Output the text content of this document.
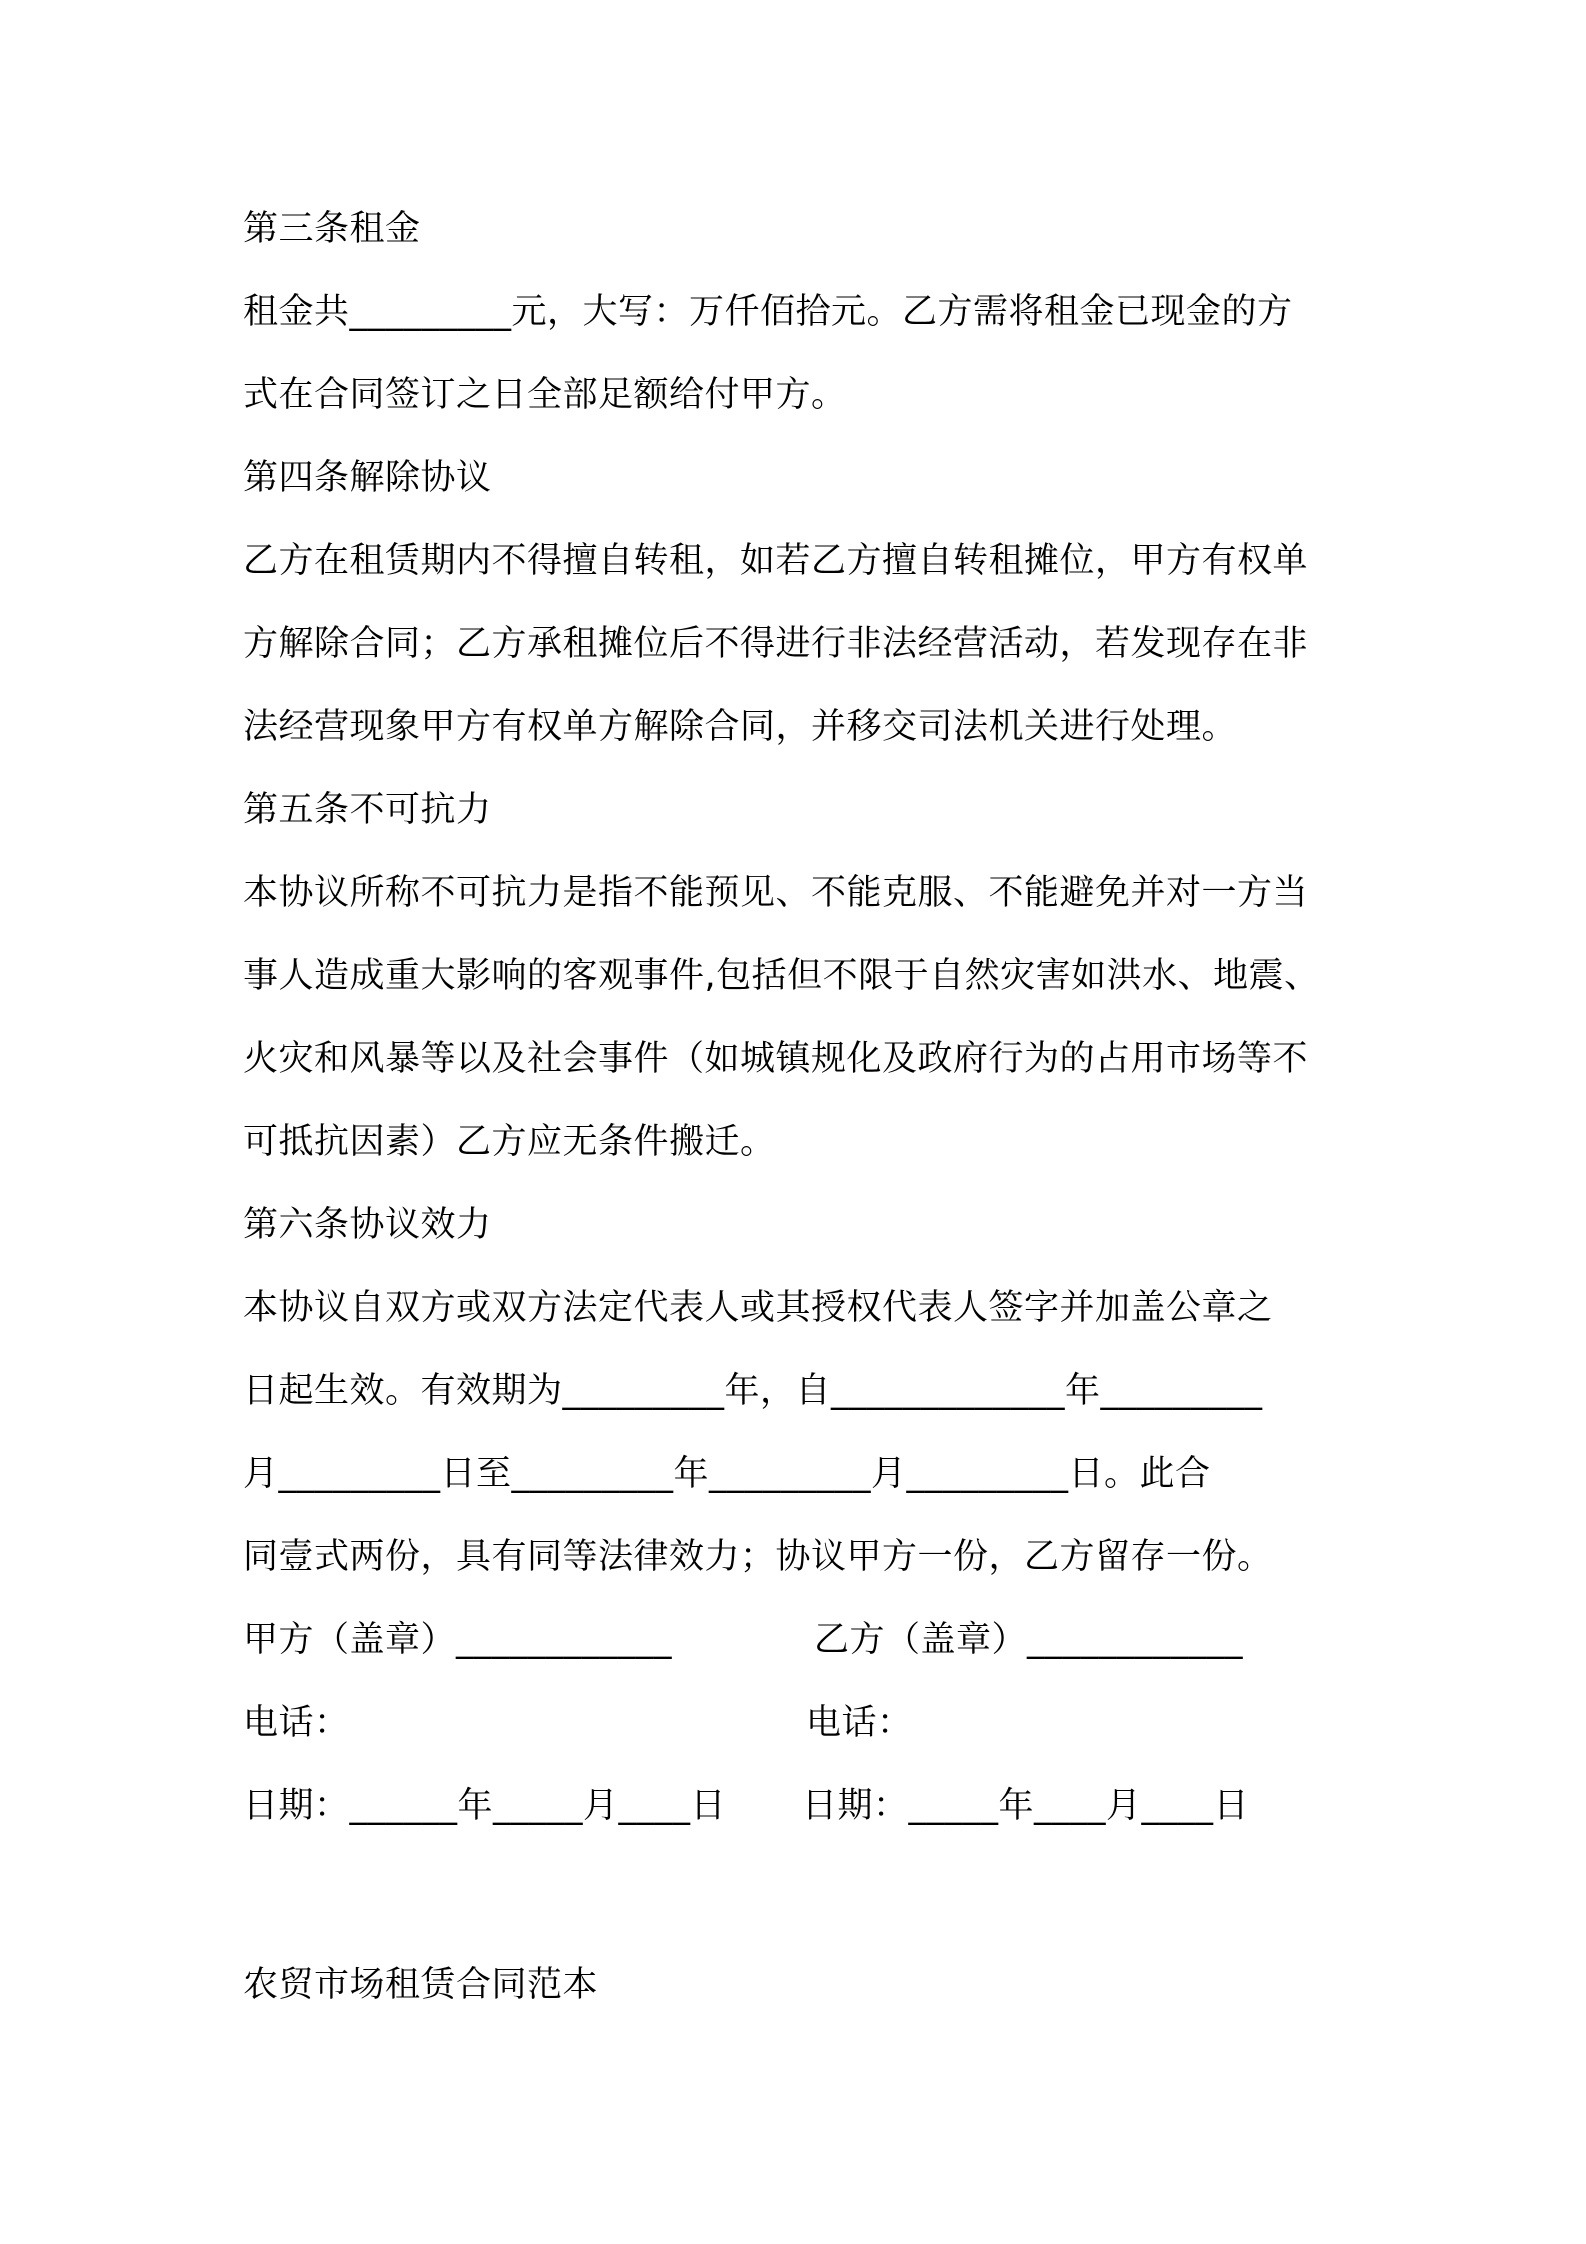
第三条租金
租金共_________元，大写：万仟佰拾元。乙方需将租金已现金的方
式在合同签订之日全部足额给付甲方。
第四条解除协议
乙方在租赁期内不得擅自转租，如若乙方擅自转租摊位，甲方有权单
方解除合同；乙方承租摊位后不得进行非法经营活动，若发现存在非
法经营现象甲方有权单方解除合同，并移交司法机关进行处理。
第五条不可抗力
本协议所称不可抗力是指不能预见、不能克服、不能避免并对一方当
事人造成重大影响的客观事件,包括但不限于自然灾害如洪水、地震、
火灾和风暴等以及社会事件（如城镇规化及政府行为的占用市场等不
可抵抗因素）乙方应无条件搬迁。
第六条协议效力
本协议自双方或双方法定代表人或其授权代表人签字并加盖公章之
日起生效。有效期为_________年，自_____________年_________
月_________日至_________年_________月_________日。此合
同壹式两份，具有同等法律效力；协议甲方一份，乙方留存一份。
甲方（盖章）____________	乙方（盖章）____________
电话：	电话：
日期：______年_____月____日 日期：_____年____月____日
农贸市场租赁合同范本
